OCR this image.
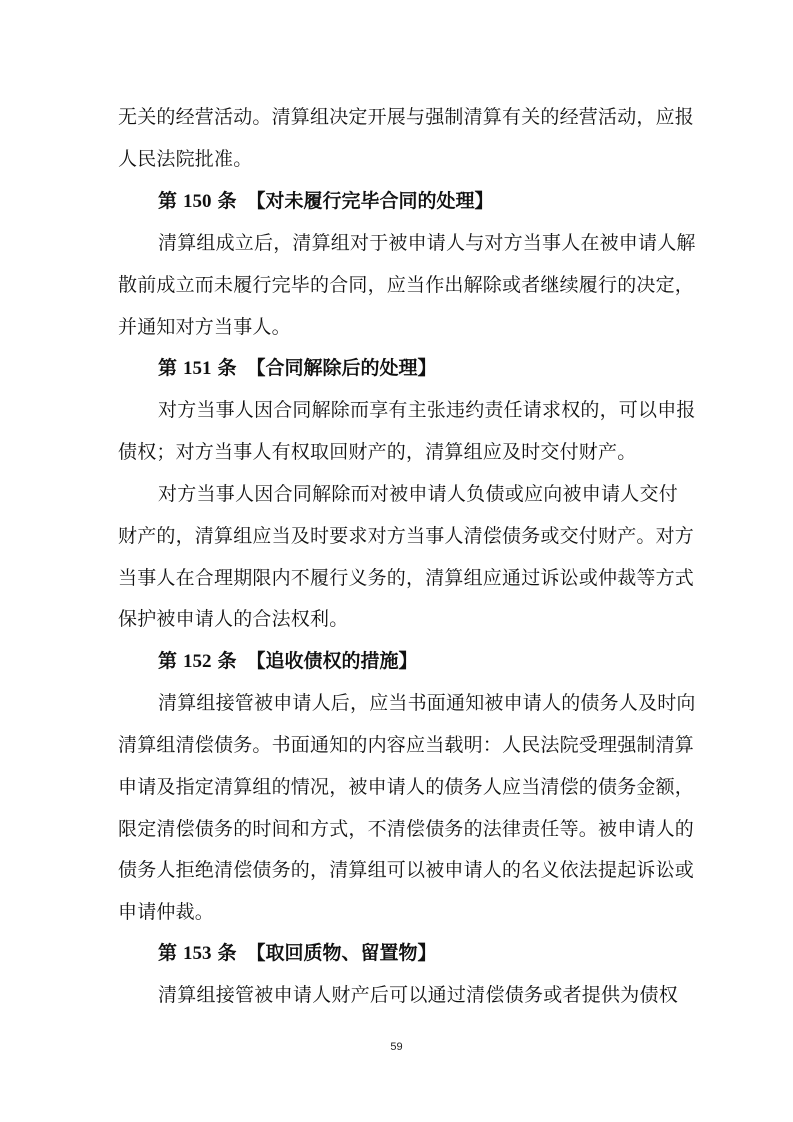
无关的经营活动。清算组决定开展与强制清算有关的经营活动，应报
人民法院批准。
第 150 条 【对未履行完毕合同的处理】
清算组成立后，清算组对于被申请人与对方当事人在被申请人解
散前成立而未履行完毕的合同，应当作出解除或者继续履行的决定，
并通知对方当事人。
第 151 条 【合同解除后的处理】
对方当事人因合同解除而享有主张违约责任请求权的，可以申报
债权；对方当事人有权取回财产的，清算组应及时交付财产。
对方当事人因合同解除而对被申请人负债或应向被申请人交付
财产的，清算组应当及时要求对方当事人清偿债务或交付财产。对方
当事人在合理期限内不履行义务的，清算组应通过诉讼或仲裁等方式
保护被申请人的合法权利。
第 152 条 【追收债权的措施】
清算组接管被申请人后，应当书面通知被申请人的债务人及时向
清算组清偿债务。书面通知的内容应当载明：人民法院受理强制清算
申请及指定清算组的情况，被申请人的债务人应当清偿的债务金额，
限定清偿债务的时间和方式，不清偿债务的法律责任等。被申请人的
债务人拒绝清偿债务的，清算组可以被申请人的名义依法提起诉讼或
申请仲裁。
第 153 条 【取回质物、留置物】
清算组接管被申请人财产后可以通过清偿债务或者提供为债权
59
